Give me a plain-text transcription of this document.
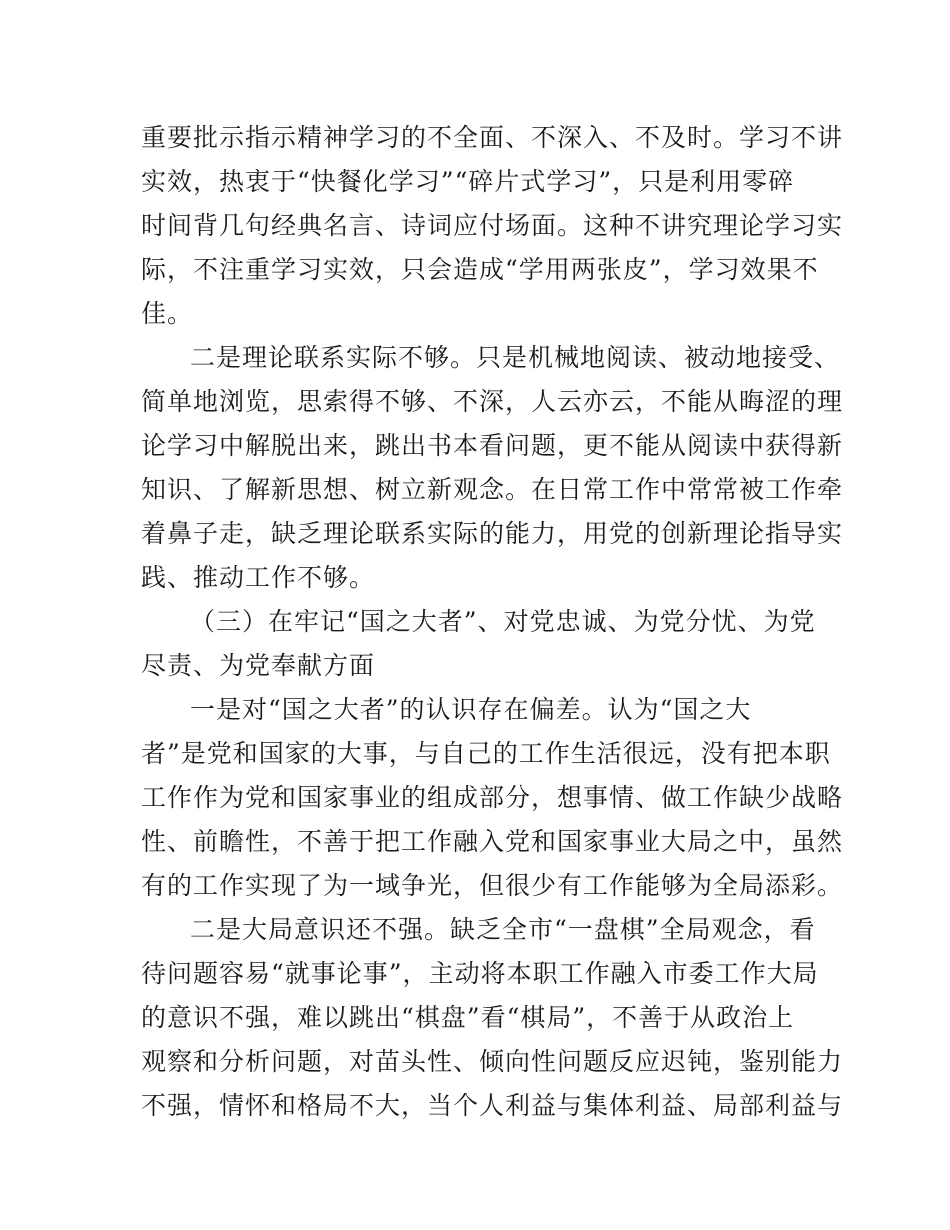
重要批示指示精神学习的不全面、不深入、不及时。学习不讲
实效，热衷于“快餐化学习”“碎片式学习”，只是利用零碎
时间背几句经典名言、诗词应付场面。这种不讲究理论学习实
际，不注重学习实效，只会造成“学用两张皮”，学习效果不
佳。
二是理论联系实际不够。只是机械地阅读、被动地接受、
简单地浏览，思索得不够、不深，人云亦云，不能从晦涩的理
论学习中解脱出来，跳出书本看问题，更不能从阅读中获得新
知识、了解新思想、树立新观念。在日常工作中常常被工作牵
着鼻子走，缺乏理论联系实际的能力，用党的创新理论指导实
践、推动工作不够。
（三）在牢记“国之大者”、对党忠诚、为党分忧、为党
尽责、为党奉献方面
一是对“国之大者”的认识存在偏差。认为“国之大
者”是党和国家的大事，与自己的工作生活很远，没有把本职
工作作为党和国家事业的组成部分，想事情、做工作缺少战略
性、前瞻性，不善于把工作融入党和国家事业大局之中，虽然
有的工作实现了为一域争光，但很少有工作能够为全局添彩。
二是大局意识还不强。缺乏全市“一盘棋”全局观念，看
待问题容易“就事论事”，主动将本职工作融入市委工作大局
的意识不强，难以跳出“棋盘”看“棋局”，不善于从政治上
观察和分析问题，对苗头性、倾向性问题反应迟钝，鉴别能力
不强，情怀和格局不大，当个人利益与集体利益、局部利益与
